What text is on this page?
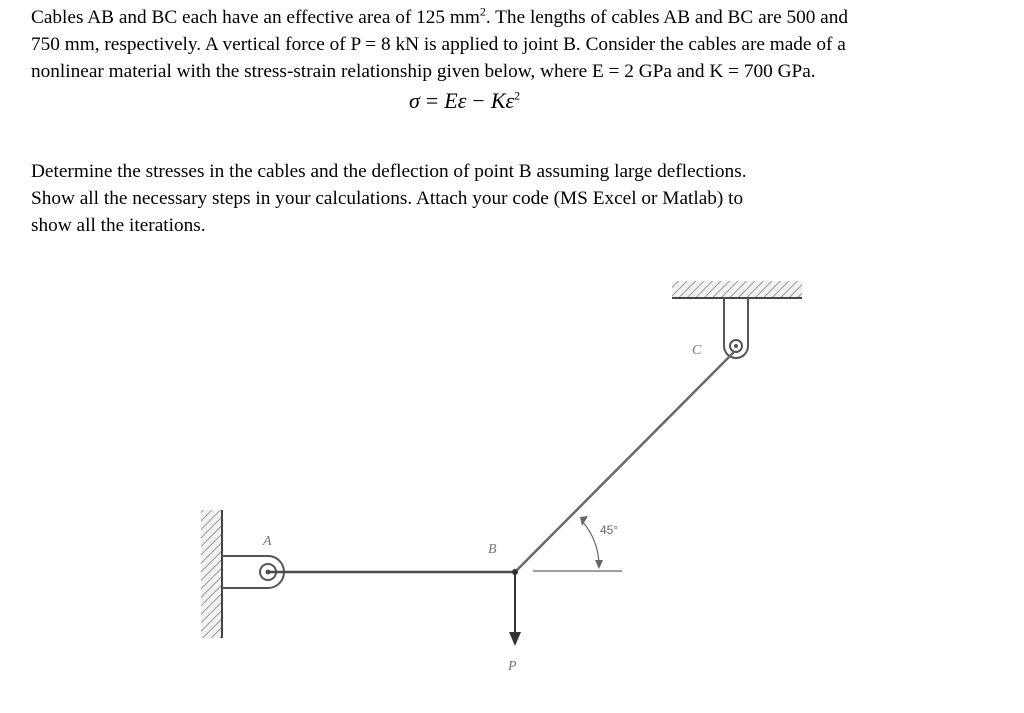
Cables AB and BC each have an effective area of 125 $mm^2$. The lengths of cables AB and BC are 500 and
750 mm, respectively. A vertical force of P = 8 kN is applied to joint B. Consider the cables are made of a
nonlinear material with the stress-strain relationship given below, where E = 2 GPa and K = 700 GPa.

$\sigma = E\varepsilon - K\varepsilon^2$

Determine the stresses in the cables and the deflection of point B assuming large deflections.
Show all the necessary steps in your calculations. Attach your code (MS Excel or Matlab) to
show all the iterations.

A
B
C
P
45°
